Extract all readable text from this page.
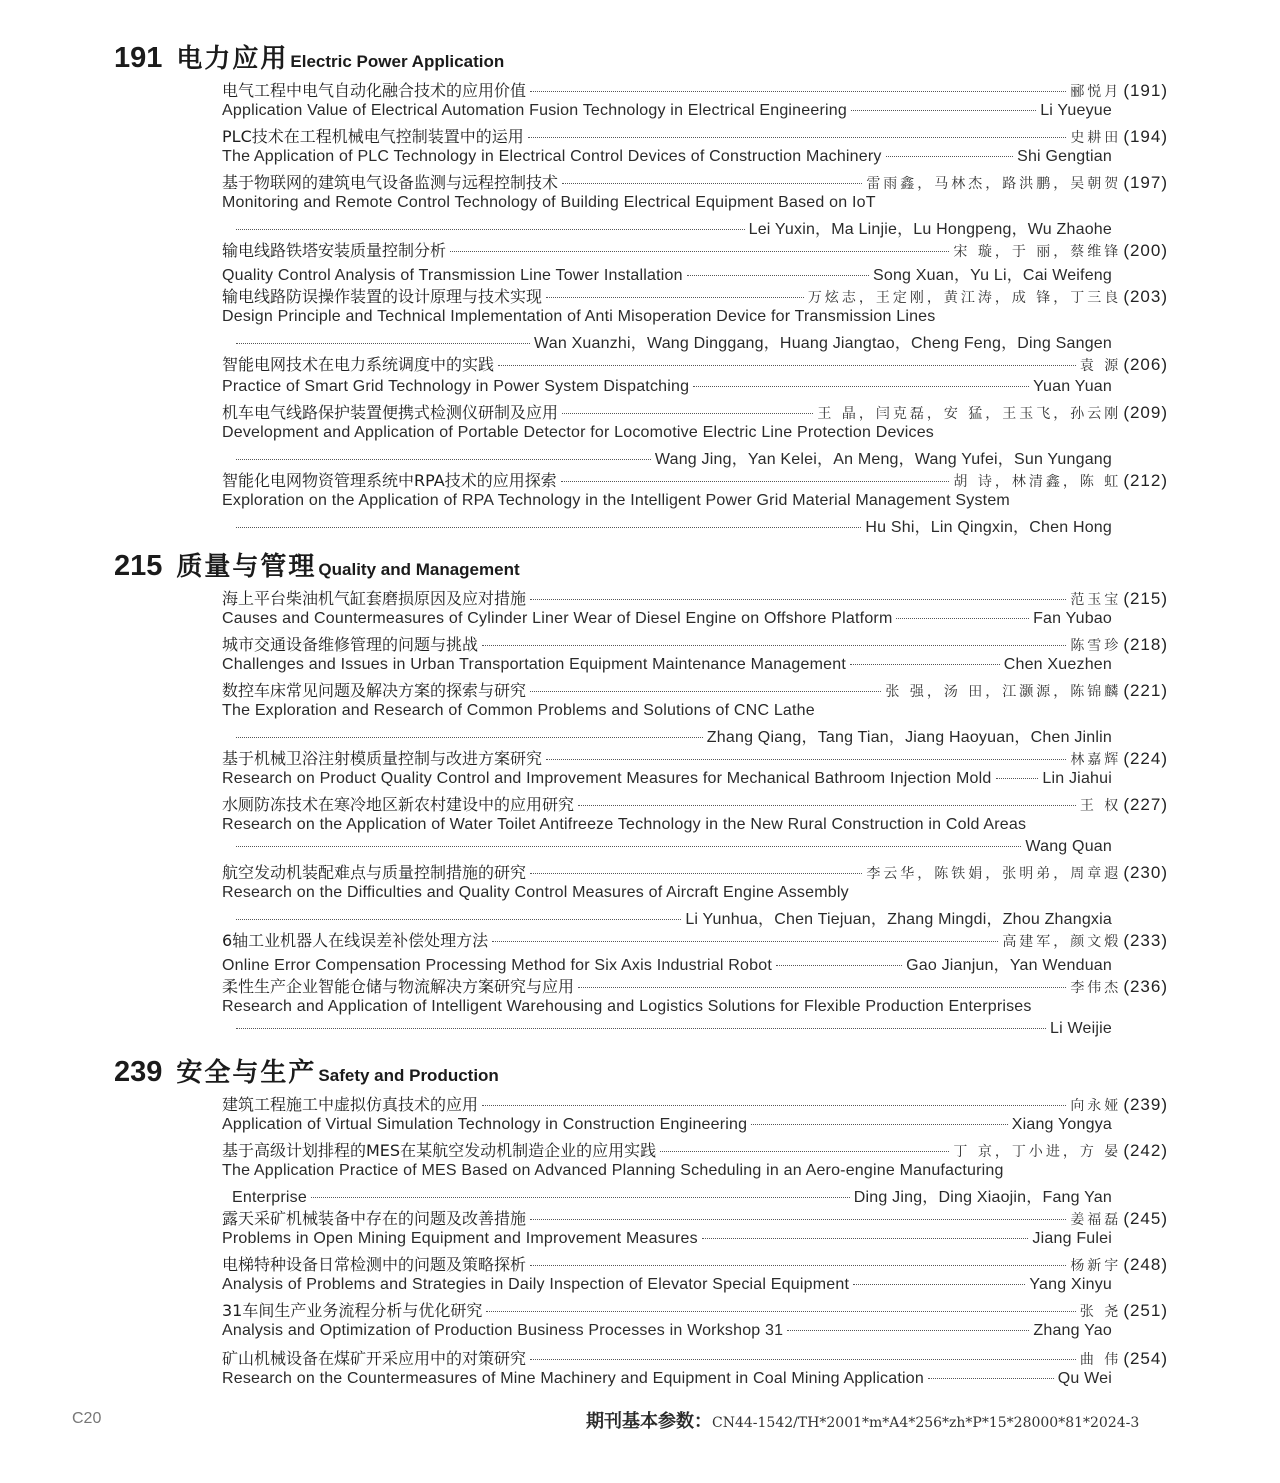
191 电力应用 Electric Power Application
电气工程中电气自动化融合技术的应用价值	郦悦月 (191)
Application Value of Electrical Automation Fusion Technology in Electrical Engineering	Li Yueyue
PLC技术在工程机械电气控制装置中的运用	史耕田 (194)
The Application of PLC Technology in Electrical Control Devices of Construction Machinery	Shi Gengtian
基于物联网的建筑电气设备监测与远程控制技术	雷雨鑫，马林杰，路洪鹏，吴朝贺 (197)
Monitoring and Remote Control Technology of Building Electrical Equipment Based on IoT
Lei Yuxin，Ma Linjie，Lu Hongpeng，Wu Zhaohe
输电线路铁塔安装质量控制分析	宋 璇，于 丽，蔡维锋 (200)
Quality Control Analysis of Transmission Line Tower Installation	Song Xuan，Yu Li，Cai Weifeng
输电线路防误操作装置的设计原理与技术实现	万炫志，王定刚，黄江涛，成 锋，丁三良 (203)
Design Principle and Technical Implementation of Anti Misoperation Device for Transmission Lines
Wan Xuanzhi，Wang Dinggang，Huang Jiangtao，Cheng Feng，Ding Sangen
智能电网技术在电力系统调度中的实践	袁 源 (206)
Practice of Smart Grid Technology in Power System Dispatching	Yuan Yuan
机车电气线路保护装置便携式检测仪研制及应用	王 晶，闫克磊，安 猛，王玉飞，孙云刚 (209)
Development and Application of Portable Detector for Locomotive Electric Line Protection Devices
Wang Jing，Yan Kelei，An Meng，Wang Yufei，Sun Yungang
智能化电网物资管理系统中RPA技术的应用探索	胡 诗，林清鑫，陈 虹 (212)
Exploration on the Application of RPA Technology in the Intelligent Power Grid Material Management System
Hu Shi，Lin Qingxin，Chen Hong
215 质量与管理 Quality and Management
海上平台柴油机气缸套磨损原因及应对措施	范玉宝 (215)
Causes and Countermeasures of Cylinder Liner Wear of Diesel Engine on Offshore Platform	Fan Yubao
城市交通设备维修管理的问题与挑战	陈雪珍 (218)
Challenges and Issues in Urban Transportation Equipment Maintenance Management	Chen Xuezhen
数控车床常见问题及解决方案的探索与研究	张 强，汤 田，江灏源，陈锦麟 (221)
The Exploration and Research of Common Problems and Solutions of CNC Lathe
Zhang Qiang，Tang Tian，Jiang Haoyuan，Chen Jinlin
基于机械卫浴注射模质量控制与改进方案研究	林嘉辉 (224)
Research on Product Quality Control and Improvement Measures for Mechanical Bathroom Injection Mold	Lin Jiahui
水厕防冻技术在寒冷地区新农村建设中的应用研究	王 权 (227)
Research on the Application of Water Toilet Antifreeze Technology in the New Rural Construction in Cold Areas
Wang Quan
航空发动机装配难点与质量控制措施的研究	李云华，陈铁娟，张明弟，周章遐 (230)
Research on the Difficulties and Quality Control Measures of Aircraft Engine Assembly
Li Yunhua，Chen Tiejuan，Zhang Mingdi，Zhou Zhangxia
6轴工业机器人在线误差补偿处理方法	高建军，颜文煅 (233)
Online Error Compensation Processing Method for Six Axis Industrial Robot	Gao Jianjun，Yan Wenduan
柔性生产企业智能仓储与物流解决方案研究与应用	李伟杰 (236)
Research and Application of Intelligent Warehousing and Logistics Solutions for Flexible Production Enterprises
Li Weijie
239 安全与生产 Safety and Production
建筑工程施工中虚拟仿真技术的应用	向永娅 (239)
Application of Virtual Simulation Technology in Construction Engineering	Xiang Yongya
基于高级计划排程的MES在某航空发动机制造企业的应用实践	丁 京，丁小进，方 晏 (242)
The Application Practice of MES Based on Advanced Planning Scheduling in an Aero-engine Manufacturing
Enterprise	Ding Jing，Ding Xiaojin，Fang Yan
露天采矿机械装备中存在的问题及改善措施	姜福磊 (245)
Problems in Open Mining Equipment and Improvement Measures	Jiang Fulei
电梯特种设备日常检测中的问题及策略探析	杨新宇 (248)
Analysis of Problems and Strategies in Daily Inspection of Elevator Special Equipment	Yang Xinyu
31车间生产业务流程分析与优化研究	张 尧 (251)
Analysis and Optimization of Production Business Processes in Workshop 31	Zhang Yao
矿山机械设备在煤矿开采应用中的对策研究	曲 伟 (254)
Research on the Countermeasures of Mine Machinery and Equipment in Coal Mining Application	Qu Wei
C20	期刊基本参数： CN44-1542/TH*2001*m*A4*256*zh*P*15*28000*81*2024-3
